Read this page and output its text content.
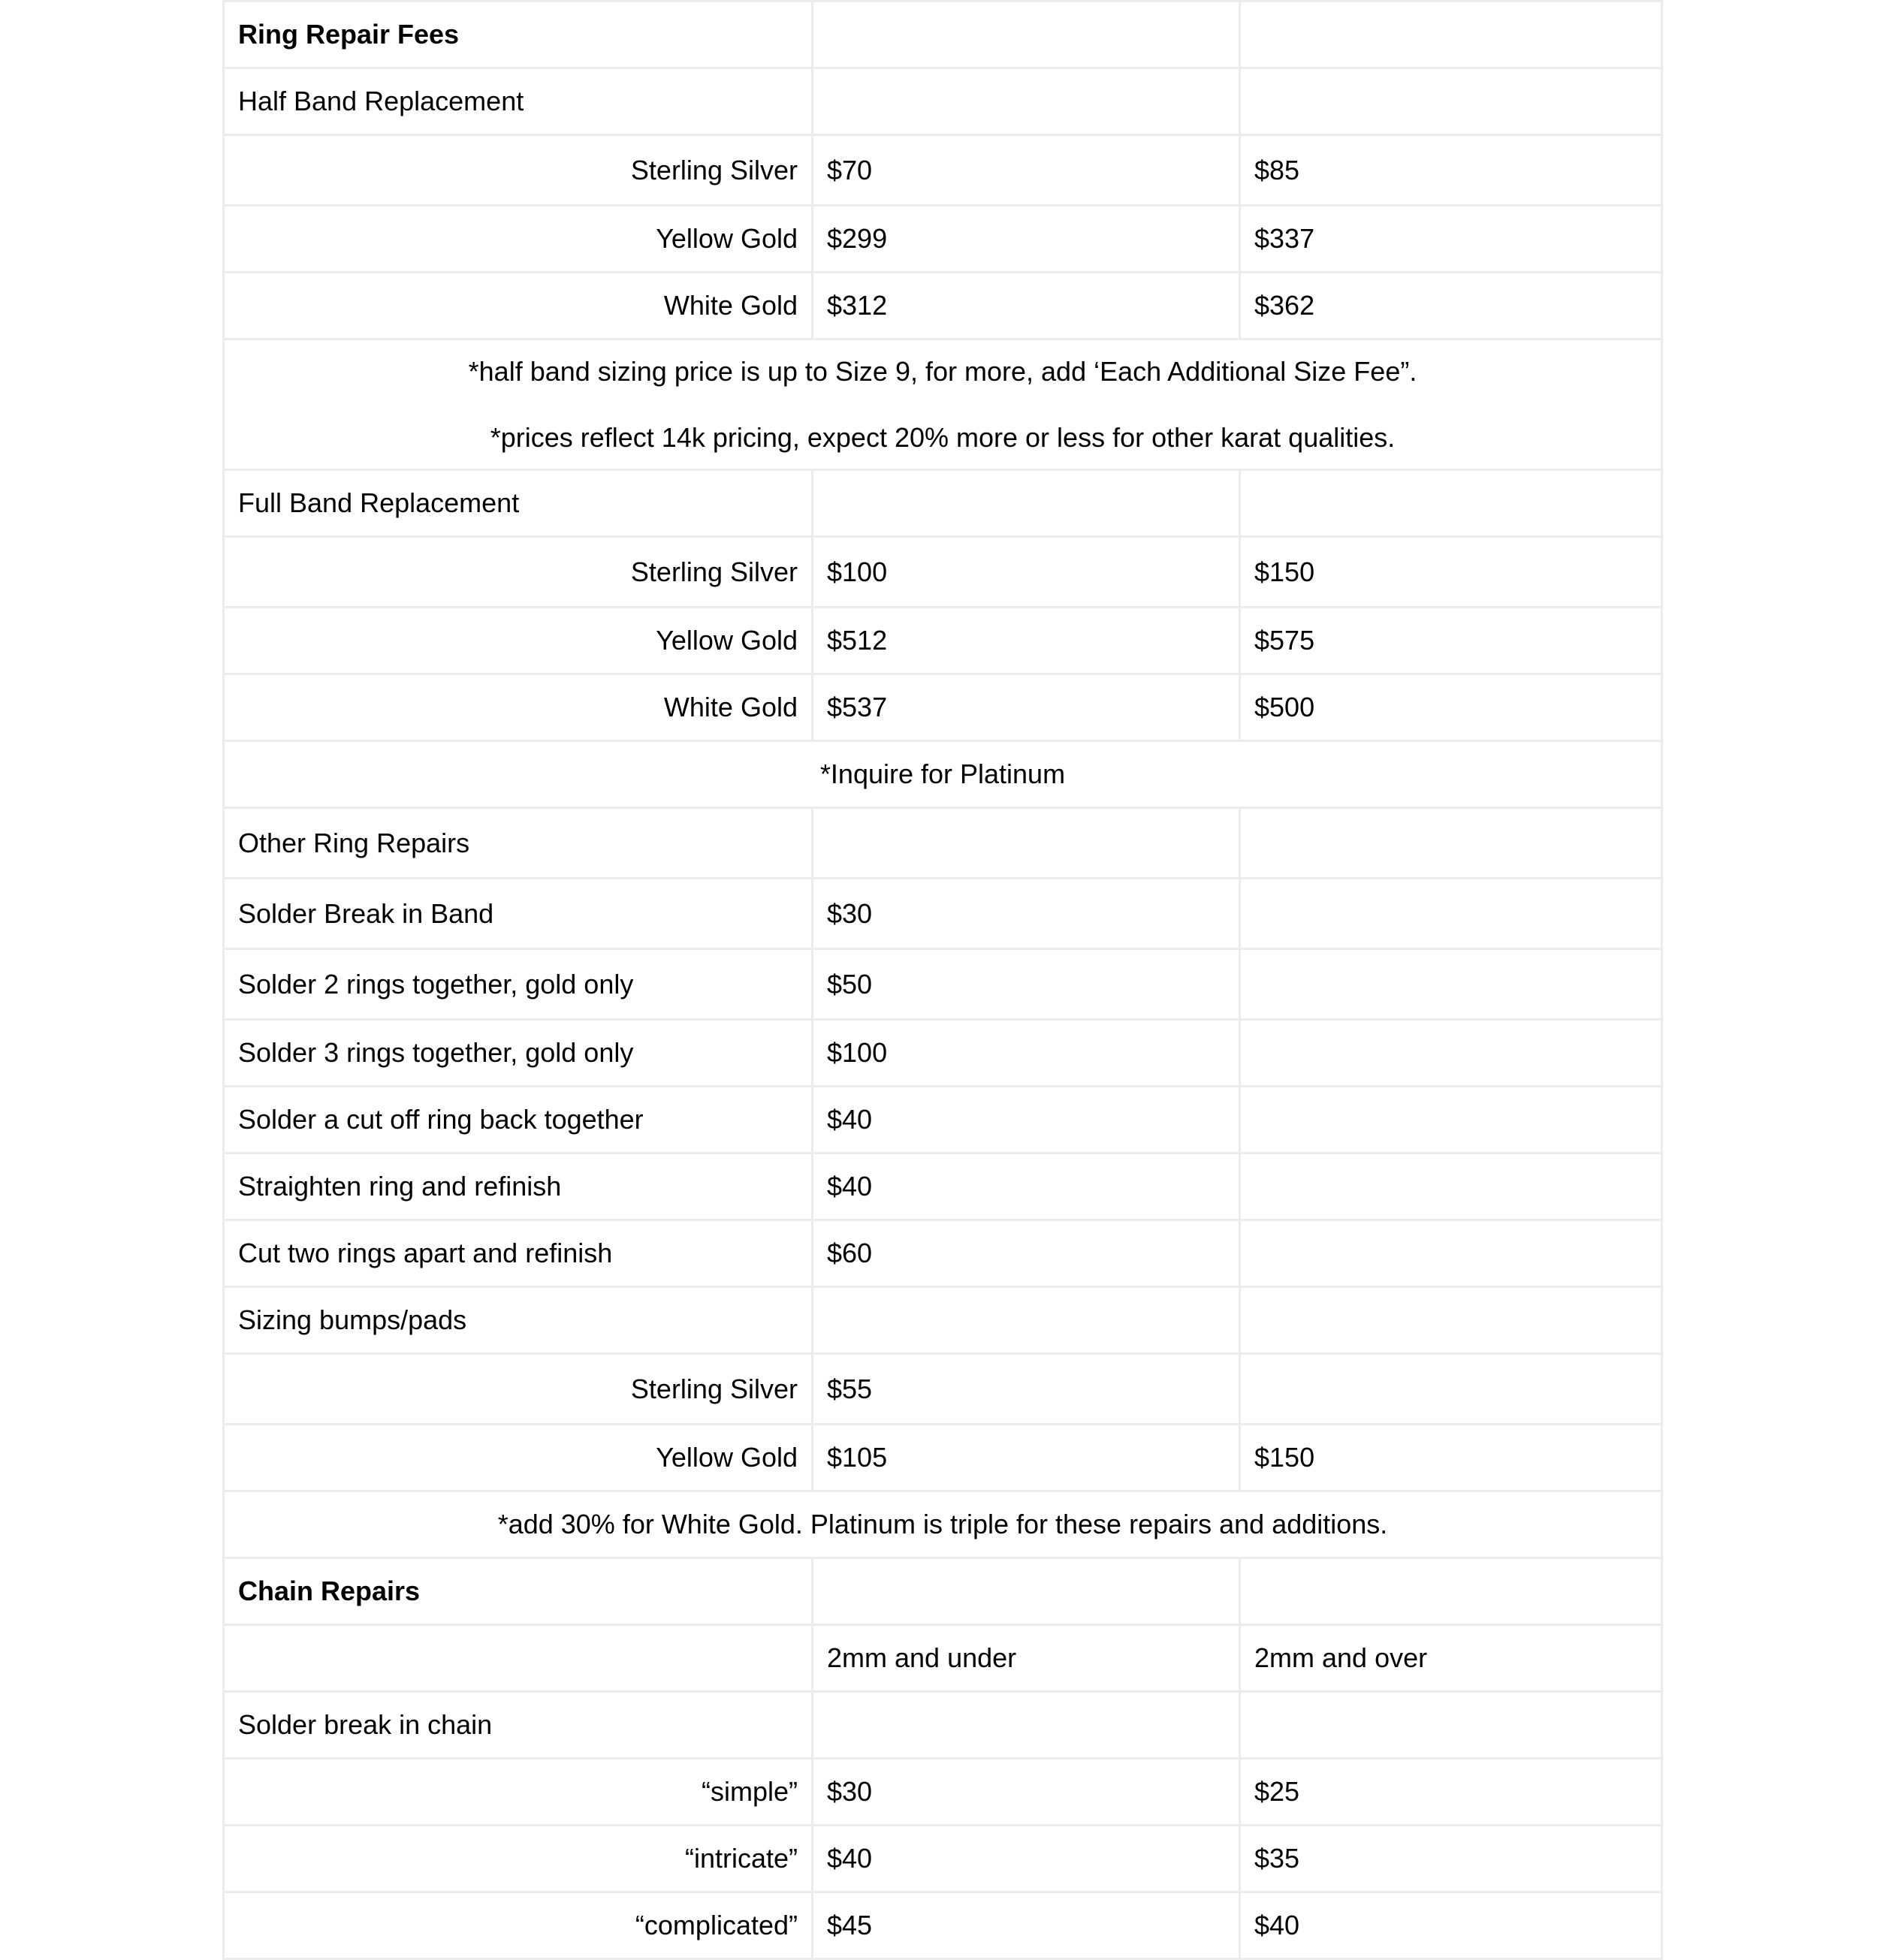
Ring Repair Fees		
Half Band Replacement		
Sterling Silver	$70	$85
Yellow Gold	$299	$337
White Gold	$312	$362

*half band sizing price is up to Size 9, for more, add ‘Each Additional Size Fee”.
*prices reflect 14k pricing, expect 20% more or less for other karat qualities.		

Full Band Replacement		
Sterling Silver	$100	$150
Yellow Gold	$512	$575
White Gold	$537	$500
*Inquire for Platinum		
Other Ring Repairs		
Solder Break in Band	$30	
Solder 2 rings together, gold only	$50	
Solder 3 rings together, gold only	$100	
Solder a cut off ring back together	$40	
Straighten ring and refinish	$40	
Cut two rings apart and refinish	$60	
Sizing bumps/pads		
Sterling Silver	$55	
Yellow Gold	$105	$150
*add 30% for White Gold. Platinum is triple for these repairs and additions.		
Chain Repairs		
	2mm and under	2mm and over
Solder break in chain		
“simple”	$30	$25
“intricate”	$40	$35
“complicated”	$45	$40
